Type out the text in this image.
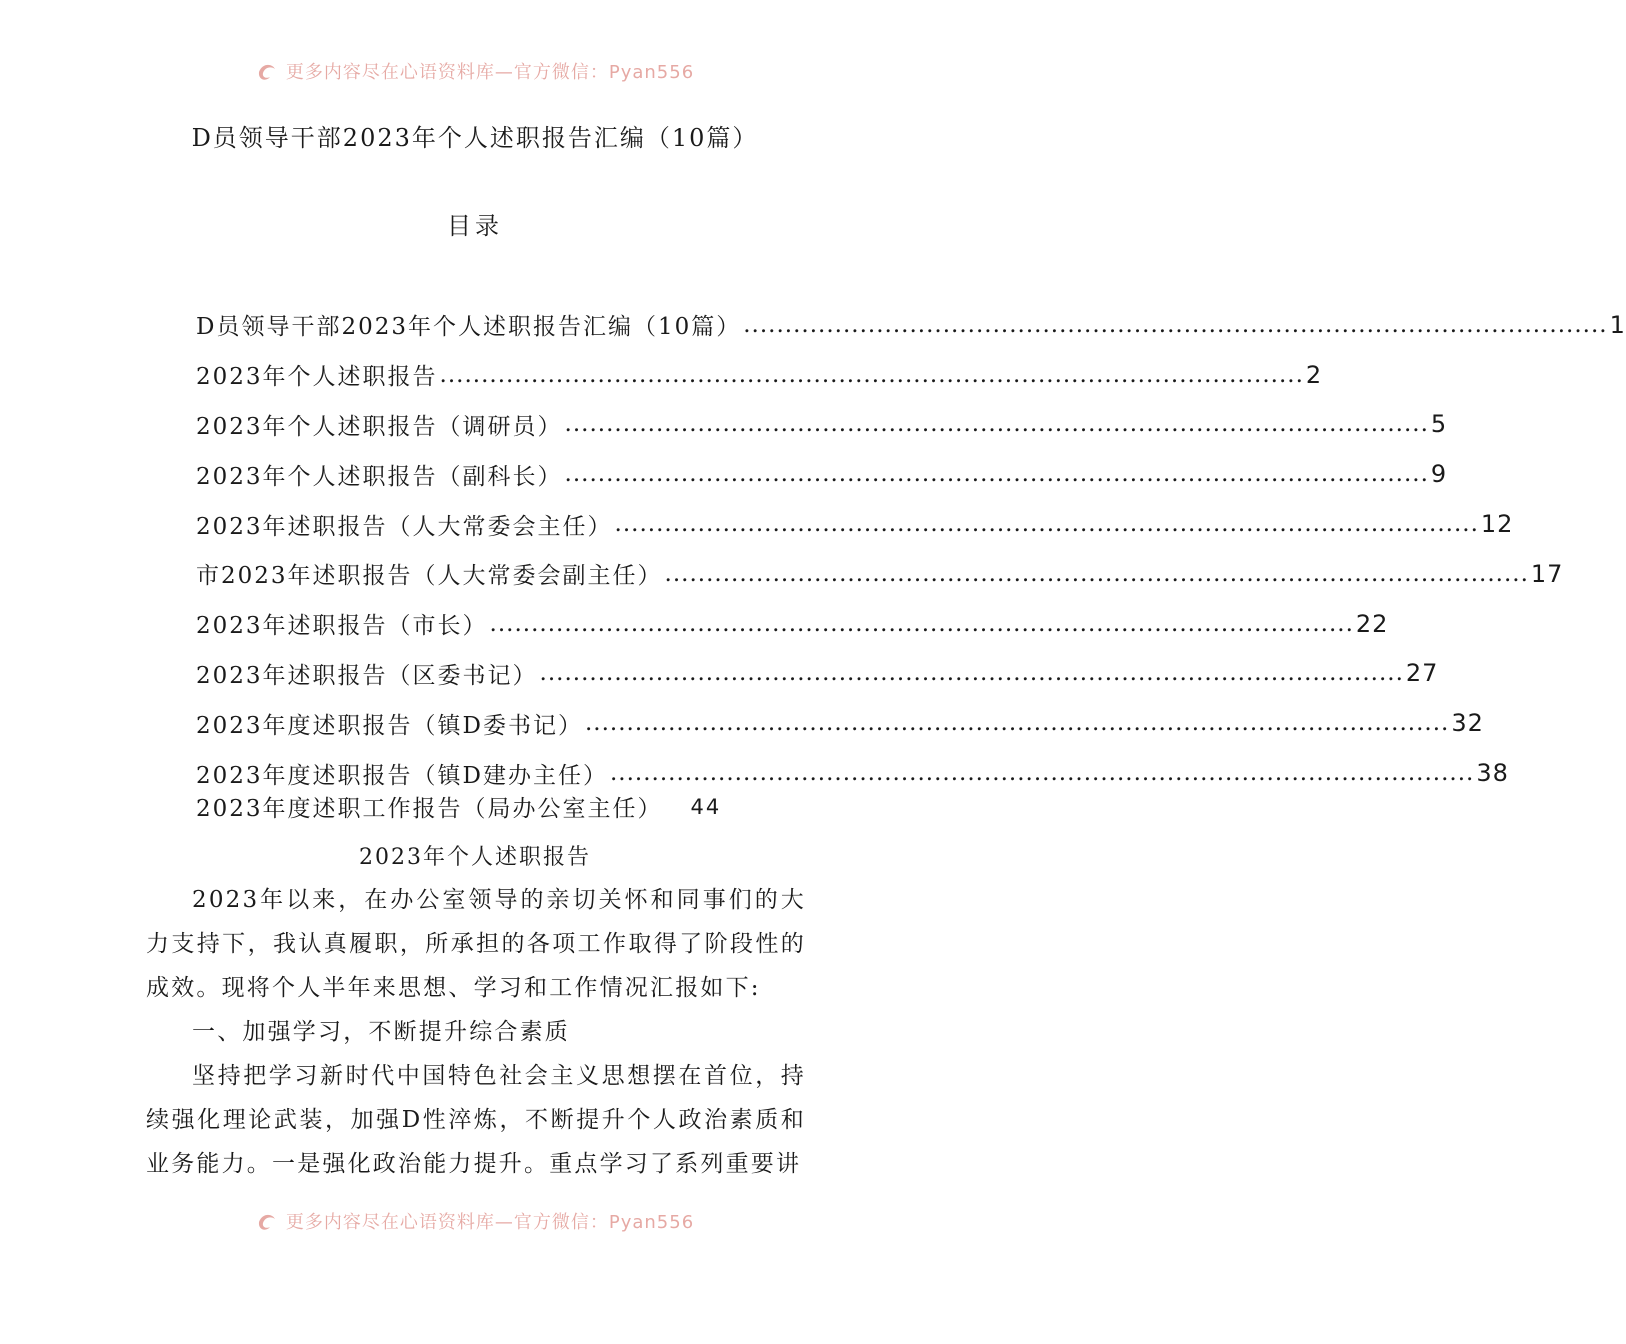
更多内容尽在心语资料库—官方微信：Pyan556
D员领导干部2023年个人述职报告汇编（10篇）
目录
D员领导干部2023年个人述职报告汇编（10篇） ........................................................................................................ 1
2023年个人述职报告 ........................................................................................................ 2
2023年个人述职报告（调研员） ........................................................................................................ 5
2023年个人述职报告（副科长） ........................................................................................................ 9
2023年述职报告（人大常委会主任） ........................................................................................................ 12
市2023年述职报告（人大常委会副主任） ........................................................................................................ 17
2023年述职报告（市长） ........................................................................................................ 22
2023年述职报告（区委书记） ........................................................................................................ 27
2023年度述职报告（镇D委书记） ........................................................................................................ 32
2023年度述职报告（镇D建办主任） ........................................................................................................ 38
2023年度述职工作报告（局办公室主任） 44
2023年个人述职报告

2023年以来，在办公室领导的亲切关怀和同事们的大力支持下，我认真履职，所承担的各项工作取得了阶段性的成效。现将个人半年来思想、学习和工作情况汇报如下:

一、加强学习，不断提升综合素质

坚持把学习新时代中国特色社会主义思想摆在首位，持续强化理论武装，加强D性淬炼，不断提升个人政治素质和业务能力。一是强化政治能力提升。重点学习了系列重要讲

更多内容尽在心语资料库—官方微信：Pyan556
